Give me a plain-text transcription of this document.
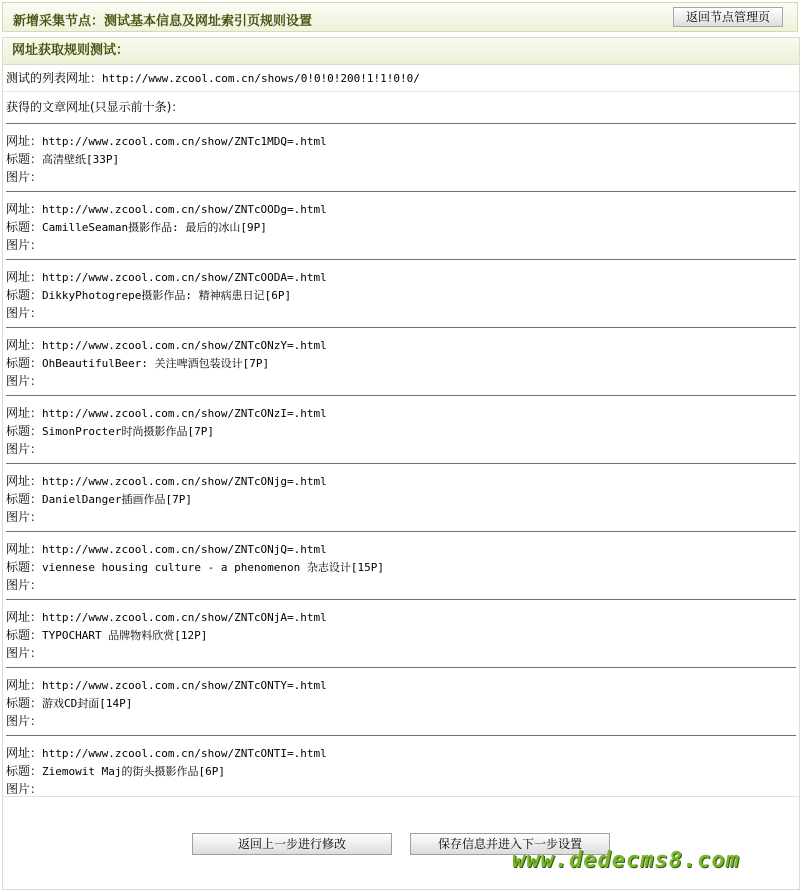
新增采集节点：测试基本信息及网址索引页规则设置	返回节点管理页
网址获取规则测试：
测试的列表网址：http://www.zcool.com.cn/shows/0!0!0!200!1!1!0!0/
获得的文章网址(只显示前十条)：
网址：http://www.zcool.com.cn/show/ZNTc1MDQ=.html
标题：高清壁纸[33P]
图片：
网址：http://www.zcool.com.cn/show/ZNTcOODg=.html
标题：CamilleSeaman摄影作品: 最后的冰山[9P]
图片：
网址：http://www.zcool.com.cn/show/ZNTcOODA=.html
标题：DikkyPhotogrepe摄影作品: 精神病患日记[6P]
图片：
网址：http://www.zcool.com.cn/show/ZNTcONzY=.html
标题：OhBeautifulBeer: 关注啤酒包装设计[7P]
图片：
网址：http://www.zcool.com.cn/show/ZNTcONzI=.html
标题：SimonProcter时尚摄影作品[7P]
图片：
网址：http://www.zcool.com.cn/show/ZNTcONjg=.html
标题：DanielDanger插画作品[7P]
图片：
网址：http://www.zcool.com.cn/show/ZNTcONjQ=.html
标题：viennese housing culture - a phenomenon 杂志设计[15P]
图片：
网址：http://www.zcool.com.cn/show/ZNTcONjA=.html
标题：TYPOCHART 品牌物料欣赏[12P]
图片：
网址：http://www.zcool.com.cn/show/ZNTcONTY=.html
标题：游戏CD封面[14P]
图片：
网址：http://www.zcool.com.cn/show/ZNTcONTI=.html
标题：Ziemowit Maj的街头摄影作品[6P]
图片：
返回上一步进行修改	保存信息并进入下一步设置
www.dedecms8.com
